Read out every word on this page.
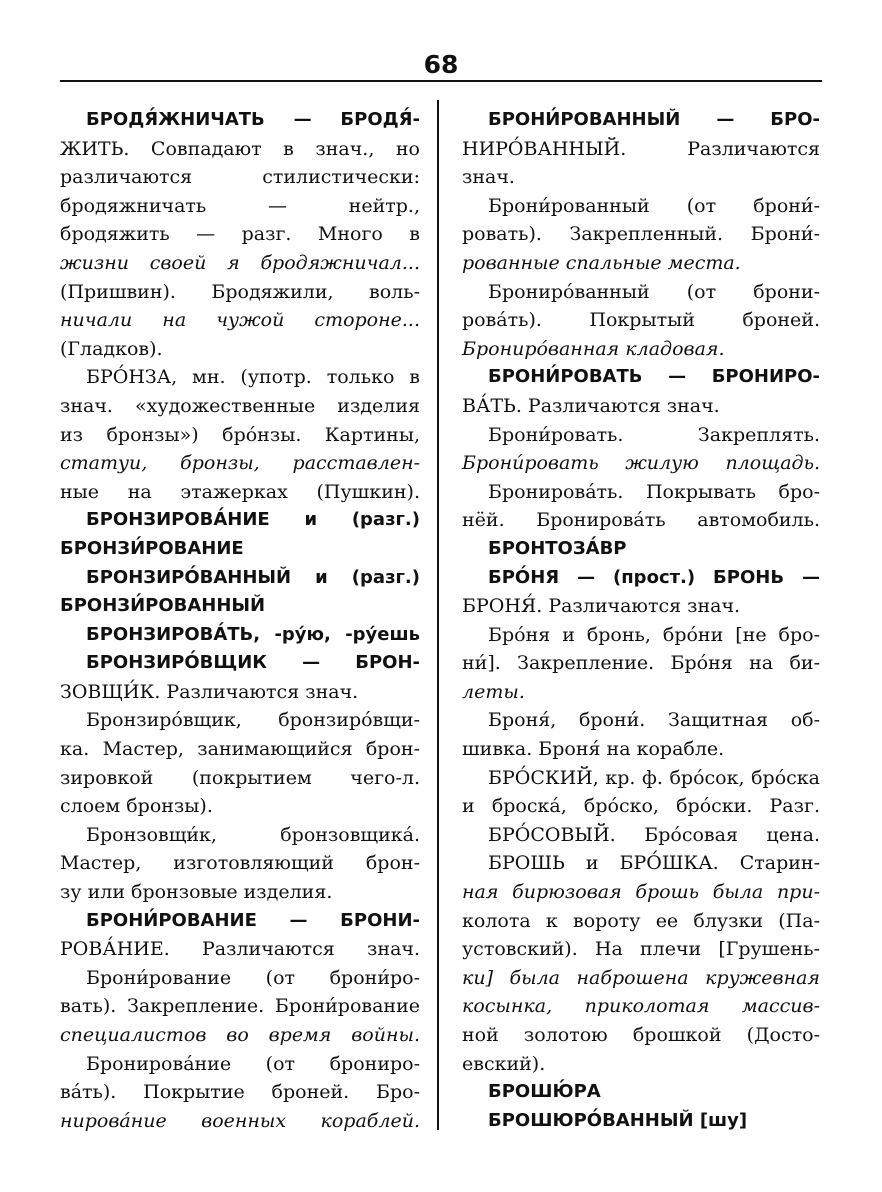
68
БРОДЯ́ЖНИЧАТЬ — БРОДЯ́-
ЖИТЬ. Совпадают в знач., но
различаются стилистически:
бродяжничать — нейтр.,
бродяжить — разг. Много в
жизни своей я бродяжничал...
(Пришвин). Бродяжили, воль-
ничали на чужой стороне...
(Гладков).
БРО́НЗА, мн. (употр. только в
знач. «художественные изделия
из бронзы») бро́нзы. Картины,
статуи, бронзы, расставлен-
ные на этажерках (Пушкин).
БРОНЗИРОВА́НИЕ и (разг.)
БРОНЗИ́РОВАНИЕ
БРОНЗИРО́ВАННЫЙ и (разг.)
БРОНЗИ́РОВАННЫЙ
БРОНЗИРОВА́ТЬ, -ру́ю, -ру́ешь
БРОНЗИРО́ВЩИК — БРОН-
ЗОВЩИ́К. Различаются знач.
Бронзиро́вщик, бронзиро́вщи-
ка. Мастер, занимающийся брон-
зировкой (покрытием чего-л.
слоем бронзы).
Бронзовщи́к, бронзовщика́.
Мастер, изготовляющий брон-
зу или бронзовые изделия.
БРОНИ́РОВАНИЕ — БРОНИ-
РОВА́НИЕ. Различаются знач.
Брони́рование (от брони́ро-
вать). Закрепление. Брони́рование
специалистов во время войны.
Бронирова́ние (от брониро-
ва́ть). Покрытие броней. Бро-
нирова́ние военных кораблей.
БРОНИ́РОВАННЫЙ — БРО-
НИРО́ВАННЫЙ. Различаются
знач.
Брони́рованный (от брони́-
ровать). Закрепленный. Брони́-
рованные спальные места.
Брониро́ванный (от брони-
рова́ть). Покрытый броней.
Брониро́ванная кладовая.
БРОНИ́РОВАТЬ — БРОНИРО-
ВА́ТЬ. Различаются знач.
Брони́ровать. Закреплять.
Брони́ровать жилую площадь.
Бронирова́ть. Покрывать бро-
нёй. Бронирова́ть автомобиль.
БРОНТОЗА́ВР
БРО́НЯ — (прост.) БРОНЬ —
БРОНЯ́. Различаются знач.
Бро́ня и бронь, бро́ни [не бро-
ни́]. Закрепление. Бро́ня на би-
леты.
Броня́, брони́. Защитная об-
шивка. Броня́ на корабле.
БРО́СКИЙ, кр. ф. бро́сок, бро́ска
и броска́, бро́ско, бро́ски. Разг.
БРО́СОВЫЙ. Бро́совая цена.
БРОШЬ и БРО́ШКА. Старин-
ная бирюзовая брошь была при-
колота к вороту ее блузки (Па-
устовский). На плечи [Грушень-
ки] была наброшена кружевная
косынка, приколотая массив-
ной золотою брошкой (Досто-
евский).
БРОШЮ́РА
БРОШЮРО́ВАННЫЙ [шу]
